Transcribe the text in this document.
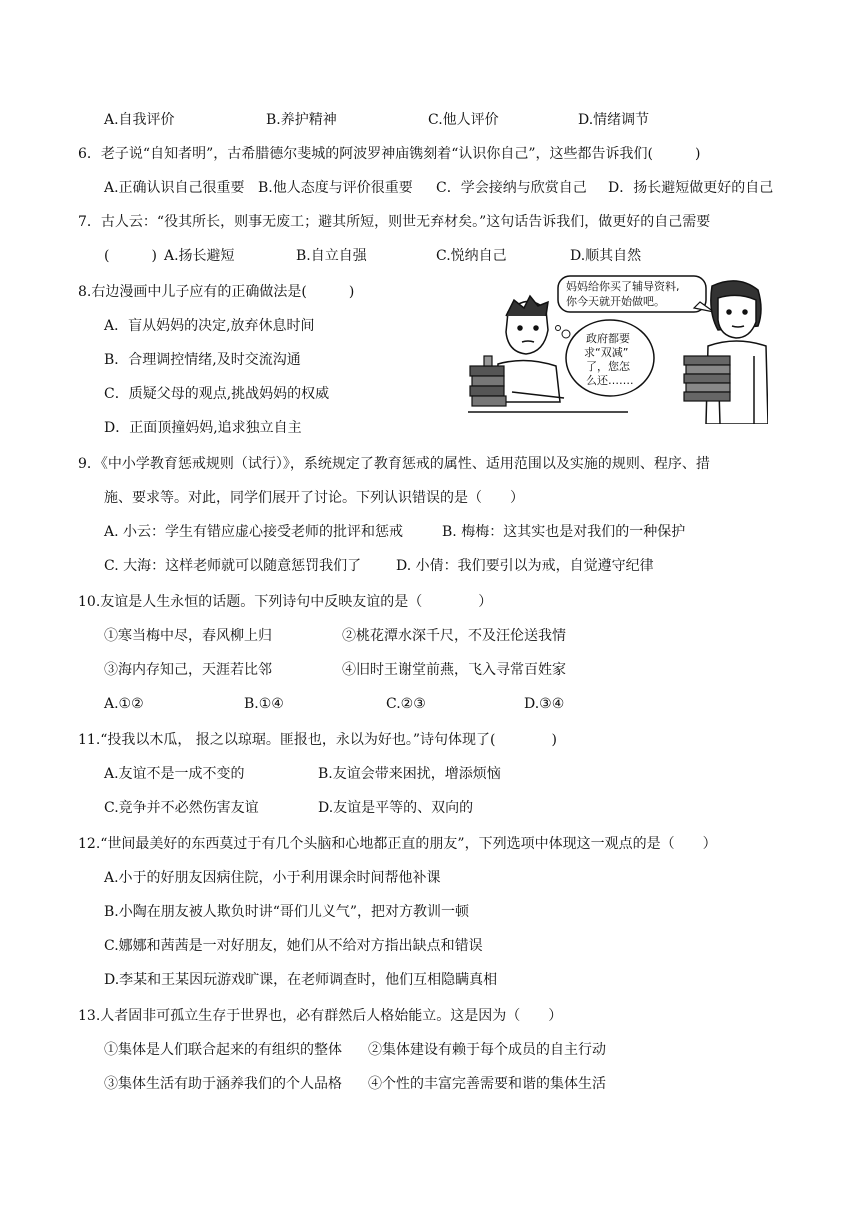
A.自我评价	B.养护精神	C.他人评价	D.情绪调节
6．老子说“自知者明”，古希腊德尔斐城的阿波罗神庙镌刻着“认识你自己”，这些都告诉我们(　　　)
A.正确认识自己很重要 B.他人态度与评价很重要 C．学会接纳与欣赏自己 D．扬长避短做更好的自己
7．古人云：“役其所长，则事无废工；避其所短，则世无弃材矣。”这句话告诉我们，做更好的自己需要
(　　　) A.扬长避短	B.自立自强	C.悦纳自己	D.顺其自然
8.右边漫画中儿子应有的正确做法是(　　　)
A．盲从妈妈的决定,放弃休息时间
B．合理调控情绪,及时交流沟通
C．质疑父母的观点,挑战妈妈的权威
D．正面顶撞妈妈,追求独立自主
妈妈给你买了辅导资料,
你今天就开始做吧。
政府都要
求“双减”
了，您怎
么还…….
9．《中小学教育惩戒规则（试行）》，系统规定了教育惩戒的属性、适用范围以及实施的规则、程序、措
施、要求等。对此，同学们展开了讨论。下列认识错误的是（　　）
A. 小云：学生有错应虚心接受老师的批评和惩戒	B. 梅梅：这其实也是对我们的一种保护
C. 大海：这样老师就可以随意惩罚我们了 D. 小倩：我们要引以为戒，自觉遵守纪律
10.友谊是人生永恒的话题。下列诗句中反映友谊的是（　　　　）
①寒当梅中尽，春风柳上归	②桃花潭水深千尺，不及汪伦送我情
③海内存知己，天涯若比邻	④旧时王谢堂前燕，飞入寻常百姓家
A.①②	B.①④	C.②③	D.③④
11.“投我以木瓜， 报之以琼琚。匪报也，永以为好也。”诗句体现了(　　　　)
A.友谊不是一成不变的	B.友谊会带来困扰，增添烦恼
C.竞争并不必然伤害友谊	D.友谊是平等的、双向的
12.“世间最美好的东西莫过于有几个头脑和心地都正直的朋友”，下列选项中体现这一观点的是（　　）
A.小于的好朋友因病住院，小于利用课余时间帮他补课
B.小陶在朋友被人欺负时讲“哥们儿义气”，把对方教训一顿
C.娜娜和茜茜是一对好朋友，她们从不给对方指出缺点和错误
D.李某和王某因玩游戏旷课，在老师调查时，他们互相隐瞒真相
13.人者固非可孤立生存于世界也，必有群然后人格始能立。这是因为（　　）
①集体是人们联合起来的有组织的整体 ②集体建设有赖于每个成员的自主行动
③集体生活有助于涵养我们的个人品格 ④个性的丰富完善需要和谐的集体生活
